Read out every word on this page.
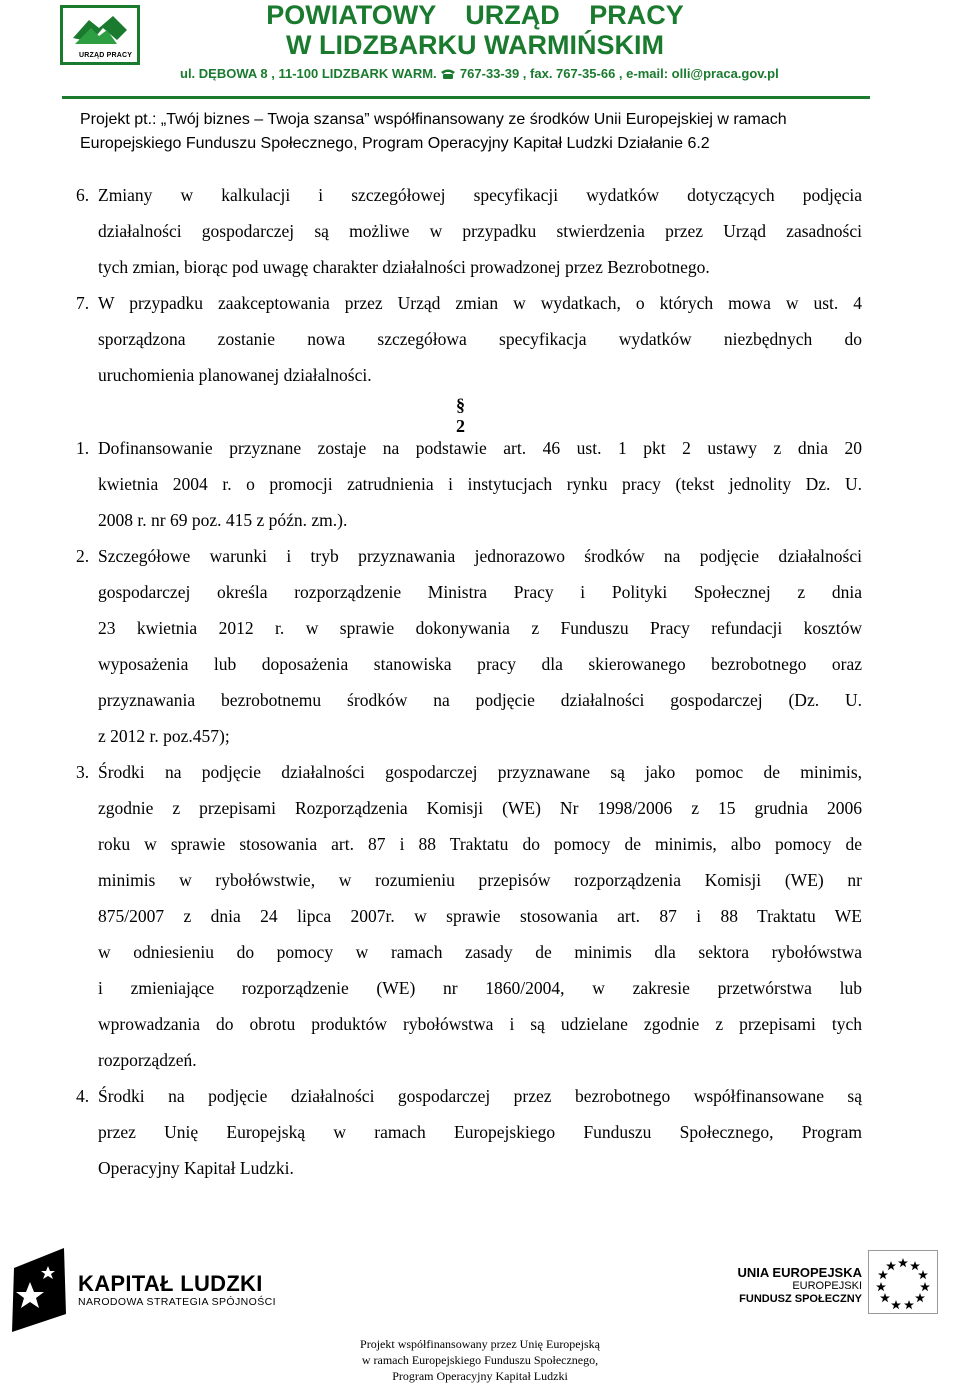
URZĄD PRACY
POWIATOWY URZĄD PRACY
W LIDZBARKU WARMIŃSKIM
ul. DĘBOWA 8 , 11-100 LIDZBARK WARM. 767-33-39 , fax. 767-35-66 , e-mail: olli@praca.gov.pl
Projekt pt.: „Twój biznes – Twoja szansa” współfinansowany ze środków Unii Europejskiej w ramach
Europejskiego Funduszu Społecznego, Program Operacyjny Kapitał Ludzki Działanie 6.2
6. Zmiany w kalkulacji i szczegółowej specyfikacji wydatków dotyczących podjęcia
działalności gospodarczej są możliwe w przypadku stwierdzenia przez Urząd zasadności
tych zmian, biorąc pod uwagę charakter działalności prowadzonej przez Bezrobotnego.
7. W przypadku zaakceptowania przez Urząd zmian w wydatkach, o których mowa w ust. 4
sporządzona zostanie nowa szczegółowa specyfikacja wydatków niezbędnych do
uruchomienia planowanej działalności.
§ 2
1. Dofinansowanie przyznane zostaje na podstawie art. 46 ust. 1 pkt 2 ustawy z dnia 20
kwietnia 2004 r. o promocji zatrudnienia i instytucjach rynku pracy (tekst jednolity Dz. U.
2008 r. nr 69 poz. 415 z późn. zm.).
2. Szczegółowe warunki i tryb przyznawania jednorazowo środków na podjęcie działalności
gospodarczej określa rozporządzenie Ministra Pracy i Polityki Społecznej z dnia
23 kwietnia 2012 r. w sprawie dokonywania z Funduszu Pracy refundacji kosztów
wyposażenia lub doposażenia stanowiska pracy dla skierowanego bezrobotnego oraz
przyznawania bezrobotnemu środków na podjęcie działalności gospodarczej (Dz. U.
z 2012 r. poz.457);
3. Środki na podjęcie działalności gospodarczej przyznawane są jako pomoc de minimis,
zgodnie z przepisami Rozporządzenia Komisji (WE) Nr 1998/2006 z 15 grudnia 2006
roku w sprawie stosowania art. 87 i 88 Traktatu do pomocy de minimis, albo pomocy de
minimis w rybołówstwie, w rozumieniu przepisów rozporządzenia Komisji (WE) nr
875/2007 z dnia 24 lipca 2007r. w sprawie stosowania art. 87 i 88 Traktatu WE
w odniesieniu do pomocy w ramach zasady de minimis dla sektora rybołówstwa
i zmieniające rozporządzenie (WE) nr 1860/2004, w zakresie przetwórstwa lub
wprowadzania do obrotu produktów rybołówstwa i są udzielane zgodnie z przepisami tych
rozporządzeń.
4. Środki na podjęcie działalności gospodarczej przez bezrobotnego współfinansowane są
przez Unię Europejską w ramach Europejskiego Funduszu Społecznego, Program
Operacyjny Kapitał Ludzki.
KAPITAŁ LUDZKI
NARODOWA STRATEGIA SPÓJNOŚCI
UNIA EUROPEJSKA
EUROPEJSKI
FUNDUSZ SPOŁECZNY
Projekt współfinansowany przez Unię Europejską
w ramach Europejskiego Funduszu Społecznego,
Program Operacyjny Kapitał Ludzki
